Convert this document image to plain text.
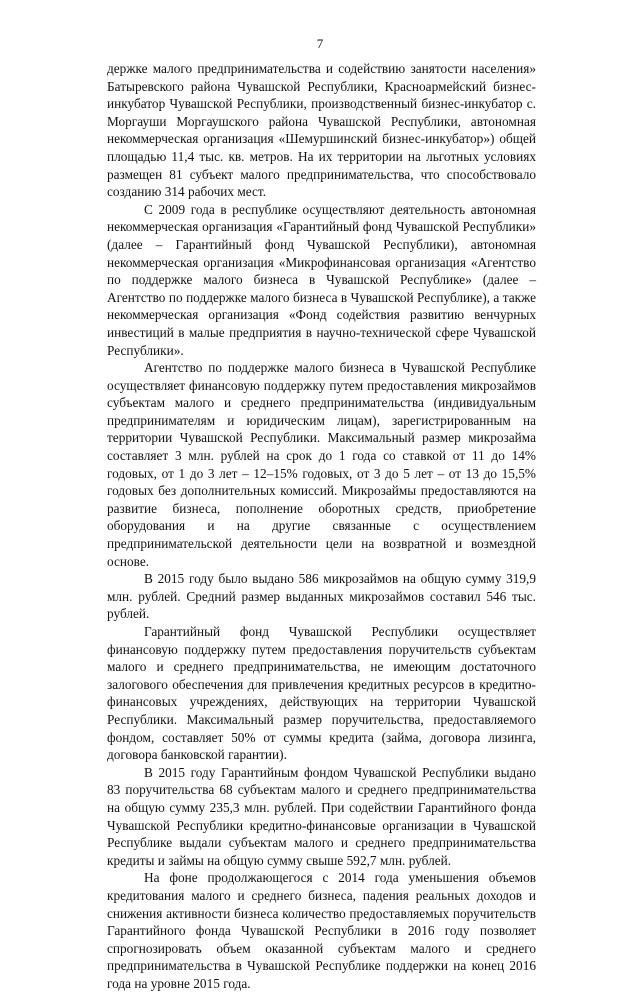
7

держке малого предпринимательства и содействию занятости населения» Батыревского района Чувашской Республики, Красноармейский бизнес-инкубатор Чувашской Республики, производственный бизнес-инкубатор с. Моргауши Моргаушского района Чувашской Республики, автономная некоммерческая организация «Шемуршинский бизнес-инкубатор») общей площадью 11,4 тыс. кв. метров. На их территории на льготных условиях размещен 81 субъект малого предпринимательства, что способствовало созданию 314 рабочих мест.

С 2009 года в республике осуществляют деятельность автономная некоммерческая организация «Гарантийный фонд Чувашской Республики» (далее – Гарантийный фонд Чувашской Республики), автономная некоммерческая организация «Микрофинансовая организация «Агентство по поддержке малого бизнеса в Чувашской Республике» (далее – Агентство по поддержке малого бизнеса в Чувашской Республике), а также некоммерческая организация «Фонд содействия развитию венчурных инвестиций в малые предприятия в научно-технической сфере Чувашской Республики».

Агентство по поддержке малого бизнеса в Чувашской Республике осуществляет финансовую поддержку путем предоставления микрозаймов субъектам малого и среднего предпринимательства (индивидуальным предпринимателям и юридическим лицам), зарегистрированным на территории Чувашской Республики. Максимальный размер микрозайма составляет 3 млн. рублей на срок до 1 года со ставкой от 11 до 14% годовых, от 1 до 3 лет – 12–15% годовых, от 3 до 5 лет – от 13 до 15,5% годовых без дополнительных комиссий. Микрозаймы предоставляются на развитие бизнеса, пополнение оборотных средств, приобретение оборудования и на другие связанные с осуществлением предпринимательской деятельности цели на возвратной и возмездной основе.

В 2015 году было выдано 586 микрозаймов на общую сумму 319,9 млн. рублей. Средний размер выданных микрозаймов составил 546 тыс. рублей.

Гарантийный фонд Чувашской Республики осуществляет финансовую поддержку путем предоставления поручительств субъектам малого и среднего предпринимательства, не имеющим достаточного залогового обеспечения для привлечения кредитных ресурсов в кредитно-финансовых учреждениях, действующих на территории Чувашской Республики. Максимальный размер поручительства, предоставляемого фондом, составляет 50% от суммы кредита (займа, договора лизинга, договора банковской гарантии).

В 2015 году Гарантийным фондом Чувашской Республики выдано 83 поручительства 68 субъектам малого и среднего предпринимательства на общую сумму 235,3 млн. рублей. При содействии Гарантийного фонда Чувашской Республики кредитно-финансовые организации в Чувашской Республике выдали субъектам малого и среднего предпринимательства кредиты и займы на общую сумму свыше 592,7 млн. рублей.

На фоне продолжающегося с 2014 года уменьшения объемов кредитования малого и среднего бизнеса, падения реальных доходов и снижения активности бизнеса количество предоставляемых поручительств Гарантийного фонда Чувашской Республики в 2016 году позволяет спрогнозировать объем оказанной субъектам малого и среднего предпринимательства в Чувашской Республике поддержки на конец 2016 года на уровне 2015 года.
